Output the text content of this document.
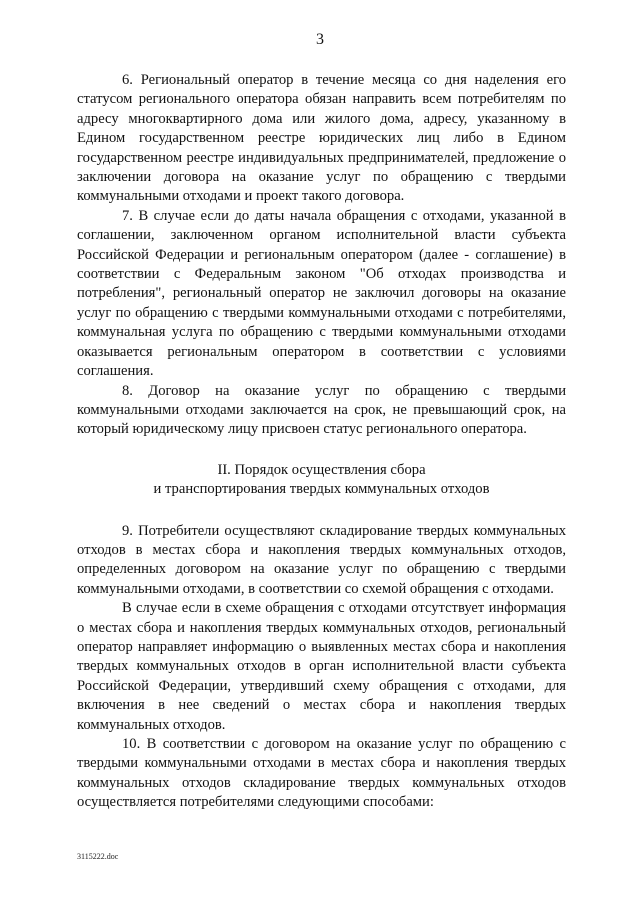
3

6. Региональный оператор в течение месяца со дня наделения его статусом регионального оператора обязан направить всем потребителям по адресу многоквартирного дома или жилого дома, адресу, указанному в Едином государственном реестре юридических лиц либо в Едином государственном реестре индивидуальных предпринимателей, предложение о заключении договора на оказание услуг по обращению с твердыми коммунальными отходами и проект такого договора.

7. В случае если до даты начала обращения с отходами, указанной в соглашении, заключенном органом исполнительной власти субъекта Российской Федерации и региональным оператором (далее - соглашение) в соответствии с Федеральным законом "Об отходах производства и потребления", региональный оператор не заключил договоры на оказание услуг по обращению с твердыми коммунальными отходами с потребителями, коммунальная услуга по обращению с твердыми коммунальными отходами оказывается региональным оператором в соответствии с условиями соглашения.

8. Договор на оказание услуг по обращению с твердыми коммунальными отходами заключается на срок, не превышающий срок, на который юридическому лицу присвоен статус регионального оператора.

II. Порядок осуществления сбора
и транспортирования твердых коммунальных отходов

9. Потребители осуществляют складирование твердых коммунальных отходов в местах сбора и накопления твердых коммунальных отходов, определенных договором на оказание услуг по обращению с твердыми коммунальными отходами, в соответствии со схемой обращения с отходами.

В случае если в схеме обращения с отходами отсутствует информация о местах сбора и накопления твердых коммунальных отходов, региональный оператор направляет информацию о выявленных местах сбора и накопления твердых коммунальных отходов в орган исполнительной власти субъекта Российской Федерации, утвердивший схему обращения с отходами, для включения в нее сведений о местах сбора и накопления твердых коммунальных отходов.

10. В соответствии с договором на оказание услуг по обращению с твердыми коммунальными отходами в местах сбора и накопления твердых коммунальных отходов складирование твердых коммунальных отходов осуществляется потребителями следующими способами:

3115222.doc
